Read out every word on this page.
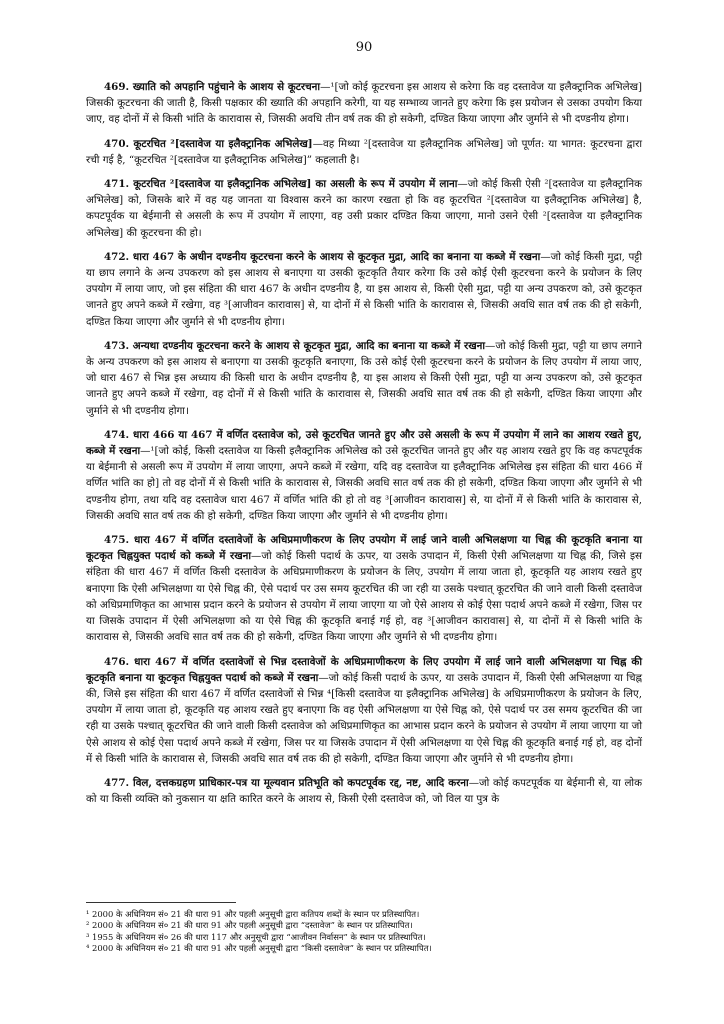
90

469. ख्याति को अपहानि पहुंचाने के आशय से कूटरचना—¹[जो कोई कूटरचना इस आशय से करेगा कि वह दस्तावेज या इलैक्ट्रानिक अभिलेख] जिसकी कूटरचना की जाती है, किसी पक्षकार की ख्याति की अपहानि करेगी, या यह सम्भाव्य जानते हुए करेगा कि इस प्रयोजन से उसका उपयोग किया जाए, वह दोनों में से किसी भांति के कारावास से, जिसकी अवधि तीन वर्ष तक की हो सकेगी, दण्डित किया जाएगा और जुर्माने से भी दण्डनीय होगा।

470. कूटरचित ²[दस्तावेज या इलैक्ट्रानिक अभिलेख]—वह मिथ्या ²[दस्तावेज या इलैक्ट्रानिक अभिलेख] जो पूर्णत: या भागत: कूटरचना द्वारा रची गई है, “कूटरचित ²[दस्तावेज या इलैक्ट्रानिक अभिलेख]” कहलाती है।

471. कूटरचित ²[दस्तावेज या इलैक्ट्रानिक अभिलेख] का असली के रूप में उपयोग में लाना—जो कोई किसी ऐसी ²[दस्तावेज या इलैक्ट्रानिक अभिलेख] को, जिसके बारे में वह यह जानता या विश्वास करने का कारण रखता हो कि वह कूटरचित ²[दस्तावेज या इलैक्ट्रानिक अभिलेख] है, कपटपूर्वक या बेईमानी से असली के रूप में उपयोग में लाएगा, वह उसी प्रकार दण्डित किया जाएगा, मानो उसने ऐसी ²[दस्तावेज या इलैक्ट्रानिक अभिलेख] की कूटरचना की हो।

472. धारा 467 के अधीन दण्डनीय कूटरचना करने के आशय से कूटकृत मुद्रा, आदि का बनाना या कब्जे में रखना—जो कोई किसी मुद्रा, पट्टी या छाप लगाने के अन्य उपकरण को इस आशय से बनाएगा या उसकी कूटकृति तैयार करेगा कि उसे कोई ऐसी कूटरचना करने के प्रयोजन के लिए उपयोग में लाया जाए, जो इस संहिता की धारा 467 के अधीन दण्डनीय है, या इस आशय से, किसी ऐसी मुद्रा, पट्टी या अन्य उपकरण को, उसे कूटकृत जानते हुए अपने कब्जे में रखेगा, वह ³[आजीवन कारावास] से, या दोनों में से किसी भांति के कारावास से, जिसकी अवधि सात वर्ष तक की हो सकेगी, दण्डित किया जाएगा और जुर्माने से भी दण्डनीय होगा।

473. अन्यथा दण्डनीय कूटरचना करने के आशय से कूटकृत मुद्रा, आदि का बनाना या कब्जे में रखना—जो कोई किसी मुद्रा, पट्टी या छाप लगाने के अन्य उपकरण को इस आशय से बनाएगा या उसकी कूटकृति बनाएगा, कि उसे कोई ऐसी कूटरचना करने के प्रयोजन के लिए उपयोग में लाया जाए, जो धारा 467 से भिन्न इस अध्याय की किसी धारा के अधीन दण्डनीय है, या इस आशय से किसी ऐसी मुद्रा, पट्टी या अन्य उपकरण को, उसे कूटकृत जानते हुए अपने कब्जे में रखेगा, वह दोनों में से किसी भांति के कारावास से, जिसकी अवधि सात वर्ष तक की हो सकेगी, दण्डित किया जाएगा और जुर्माने से भी दण्डनीय होगा।

474. धारा 466 या 467 में वर्णित दस्तावेज को, उसे कूटरचित जानते हुए और उसे असली के रूप में उपयोग में लाने का आशय रखते हुए, कब्जे में रखना—¹[जो कोई, किसी दस्तावेज या किसी इलैक्ट्रानिक अभिलेख को उसे कूटरचित जानते हुए और यह आशय रखते हुए कि वह कपटपूर्वक या बेईमानी से असली रूप में उपयोग में लाया जाएगा, अपने कब्जे में रखेगा, यदि वह दस्तावेज या इलैक्ट्रानिक अभिलेख इस संहिता की धारा 466 में वर्णित भांति का हो] तो वह दोनों में से किसी भांति के कारावास से, जिसकी अवधि सात वर्ष तक की हो सकेगी, दण्डित किया जाएगा और जुर्माने से भी दण्डनीय होगा, तथा यदि वह दस्तावेज धारा 467 में वर्णित भांति की हो तो वह ³[आजीवन कारावास] से, या दोनों में से किसी भांति के कारावास से, जिसकी अवधि सात वर्ष तक की हो सकेगी, दण्डित किया जाएगा और जुर्माने से भी दण्डनीय होगा।

475. धारा 467 में वर्णित दस्तावेजों के अधिप्रमाणीकरण के लिए उपयोग में लाई जाने वाली अभिलक्षणा या चिह्न की कूटकृति बनाना या कूटकृत चिह्नयुक्त पदार्थ को कब्जे में रखना—जो कोई किसी पदार्थ के ऊपर, या उसके उपादान में, किसी ऐसी अभिलक्षणा या चिह्न की, जिसे इस संहिता की धारा 467 में वर्णित किसी दस्तावेज के अधिप्रमाणीकरण के प्रयोजन के लिए, उपयोग में लाया जाता हो, कूटकृति यह आशय रखते हुए बनाएगा कि ऐसी अभिलक्षणा या ऐसे चिह्न की, ऐसे पदार्थ पर उस समय कूटरचित की जा रही या उसके पश्चात् कूटरचित की जाने वाली किसी दस्तावेज को अधिप्रमाणिकृत का आभास प्रदान करने के प्रयोजन से उपयोग में लाया जाएगा या जो ऐसे आशय से कोई ऐसा पदार्थ अपने कब्जे में रखेगा, जिस पर या जिसके उपादान में ऐसी अभिलक्षणा को या ऐसे चिह्न की कूटकृति बनाई गई हो, वह ³[आजीवन कारावास] से, या दोनों में से किसी भांति के कारावास से, जिसकी अवधि सात वर्ष तक की हो सकेगी, दण्डित किया जाएगा और जुर्माने से भी दण्डनीय होगा।

476. धारा 467 में वर्णित दस्तावेजों से भिन्न दस्तावेजों के अधिप्रमाणीकरण के लिए उपयोग में लाई जाने वाली अभिलक्षणा या चिह्न की कूटकृति बनाना या कूटकृत चिह्नयुक्त पदार्थ को कब्जे में रखना—जो कोई किसी पदार्थ के ऊपर, या उसके उपादान में, किसी ऐसी अभिलक्षणा या चिह्न की, जिसे इस संहिता की धारा 467 में वर्णित दस्तावेजों से भिन्न ⁴[किसी दस्तावेज या इलैक्ट्रानिक अभिलेख] के अधिप्रमाणीकरण के प्रयोजन के लिए, उपयोग में लाया जाता हो, कूटकृति यह आशय रखते हुए बनाएगा कि वह ऐसी अभिलक्षणा या ऐसे चिह्न को, ऐसे पदार्थ पर उस समय कूटरचित की जा रही या उसके पश्चात् कूटरचित की जाने वाली किसी दस्तावेज को अधिप्रमाणिकृत का आभास प्रदान करने के प्रयोजन से उपयोग में लाया जाएगा या जो ऐसे आशय से कोई ऐसा पदार्थ अपने कब्जे में रखेगा, जिस पर या जिसके उपादान में ऐसी अभिलक्षणा या ऐसे चिह्न की कूटकृति बनाई गई हो, वह दोनों में से किसी भांति के कारावास से, जिसकी अवधि सात वर्ष तक की हो सकेगी, दण्डित किया जाएगा और जुर्माने से भी दण्डनीय होगा।

477. विल, दत्तकग्रहण प्राधिकार-पत्र या मूल्यवान प्रतिभूति को कपटपूर्वक रद्द, नष्ट, आदि करना—जो कोई कपटपूर्वक या बेईमानी से, या लोक को या किसी व्यक्ति को नुकसान या क्षति कारित करने के आशय से, किसी ऐसी दस्तावेज को, जो विल या पुत्र के

¹ 2000 के अधिनियम सं० 21 की धारा 91 और पहली अनुसूची द्वारा कतिपय शब्दों के स्थान पर प्रतिस्थापित।

² 2000 के अधिनियम सं० 21 की धारा 91 और पहली अनुसूची द्वारा “दस्तावेज” के स्थान पर प्रतिस्थापित।

³ 1955 के अधिनियम सं० 26 की धारा 117 और अनुसूची द्वारा “आजीवन निर्वासन” के स्थान पर प्रतिस्थापित।

⁴ 2000 के अधिनियम सं० 21 की धारा 91 और पहली अनुसूची द्वारा “किसी दस्तावेज” के स्थान पर प्रतिस्थापित।
